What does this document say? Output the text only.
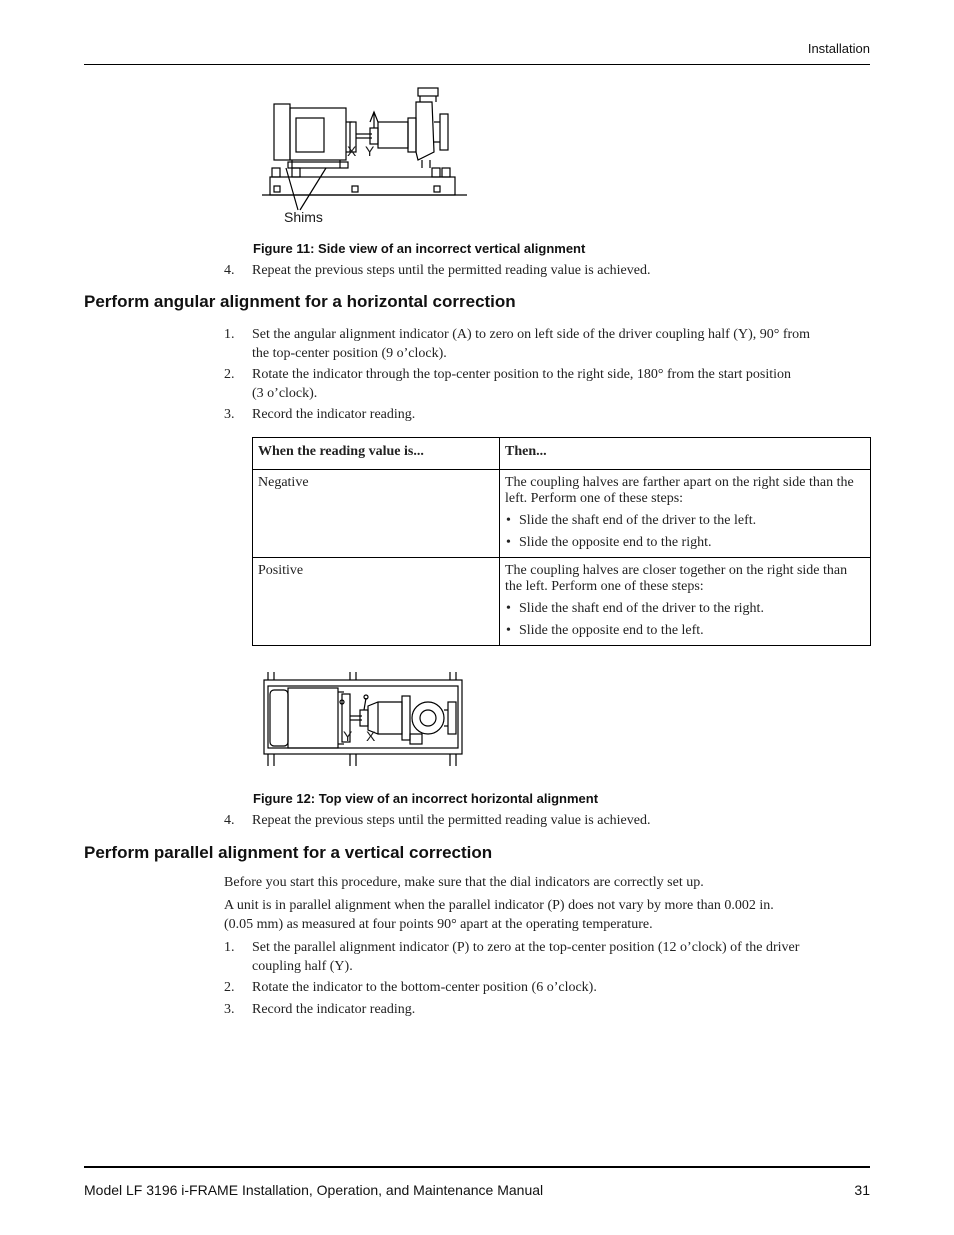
Installation
X Y
Shims
Figure 11: Side view of an incorrect vertical alignment
4. Repeat the previous steps until the permitted reading value is achieved.
Perform angular alignment for a horizontal correction
1. Set the angular alignment indicator (A) to zero on left side of the driver coupling half (Y), 90° from
the top-center position (9 o’clock).
2. Rotate the indicator through the top-center position to the right side, 180° from the start position
(3 o’clock).
3. Record the indicator reading.
When the reading value is...	Then...
Negative	The coupling halves are farther apart on the right side than the left. Perform one of these steps:
• Slide the shaft end of the driver to the left.
• Slide the opposite end to the right.

Positive	The coupling halves are closer together on the right side than the left. Perform one of these steps:
• Slide the shaft end of the driver to the right.
• Slide the opposite end to the left.
Y X
Figure 12: Top view of an incorrect horizontal alignment
4. Repeat the previous steps until the permitted reading value is achieved.
Perform parallel alignment for a vertical correction
Before you start this procedure, make sure that the dial indicators are correctly set up.
A unit is in parallel alignment when the parallel indicator (P) does not vary by more than 0.002 in.
(0.05 mm) as measured at four points 90° apart at the operating temperature.
1. Set the parallel alignment indicator (P) to zero at the top-center position (12 o’clock) of the driver
coupling half (Y).
2. Rotate the indicator to the bottom-center position (6 o’clock).
3. Record the indicator reading.
Model LF 3196 i-FRAME Installation, Operation, and Maintenance Manual	31
